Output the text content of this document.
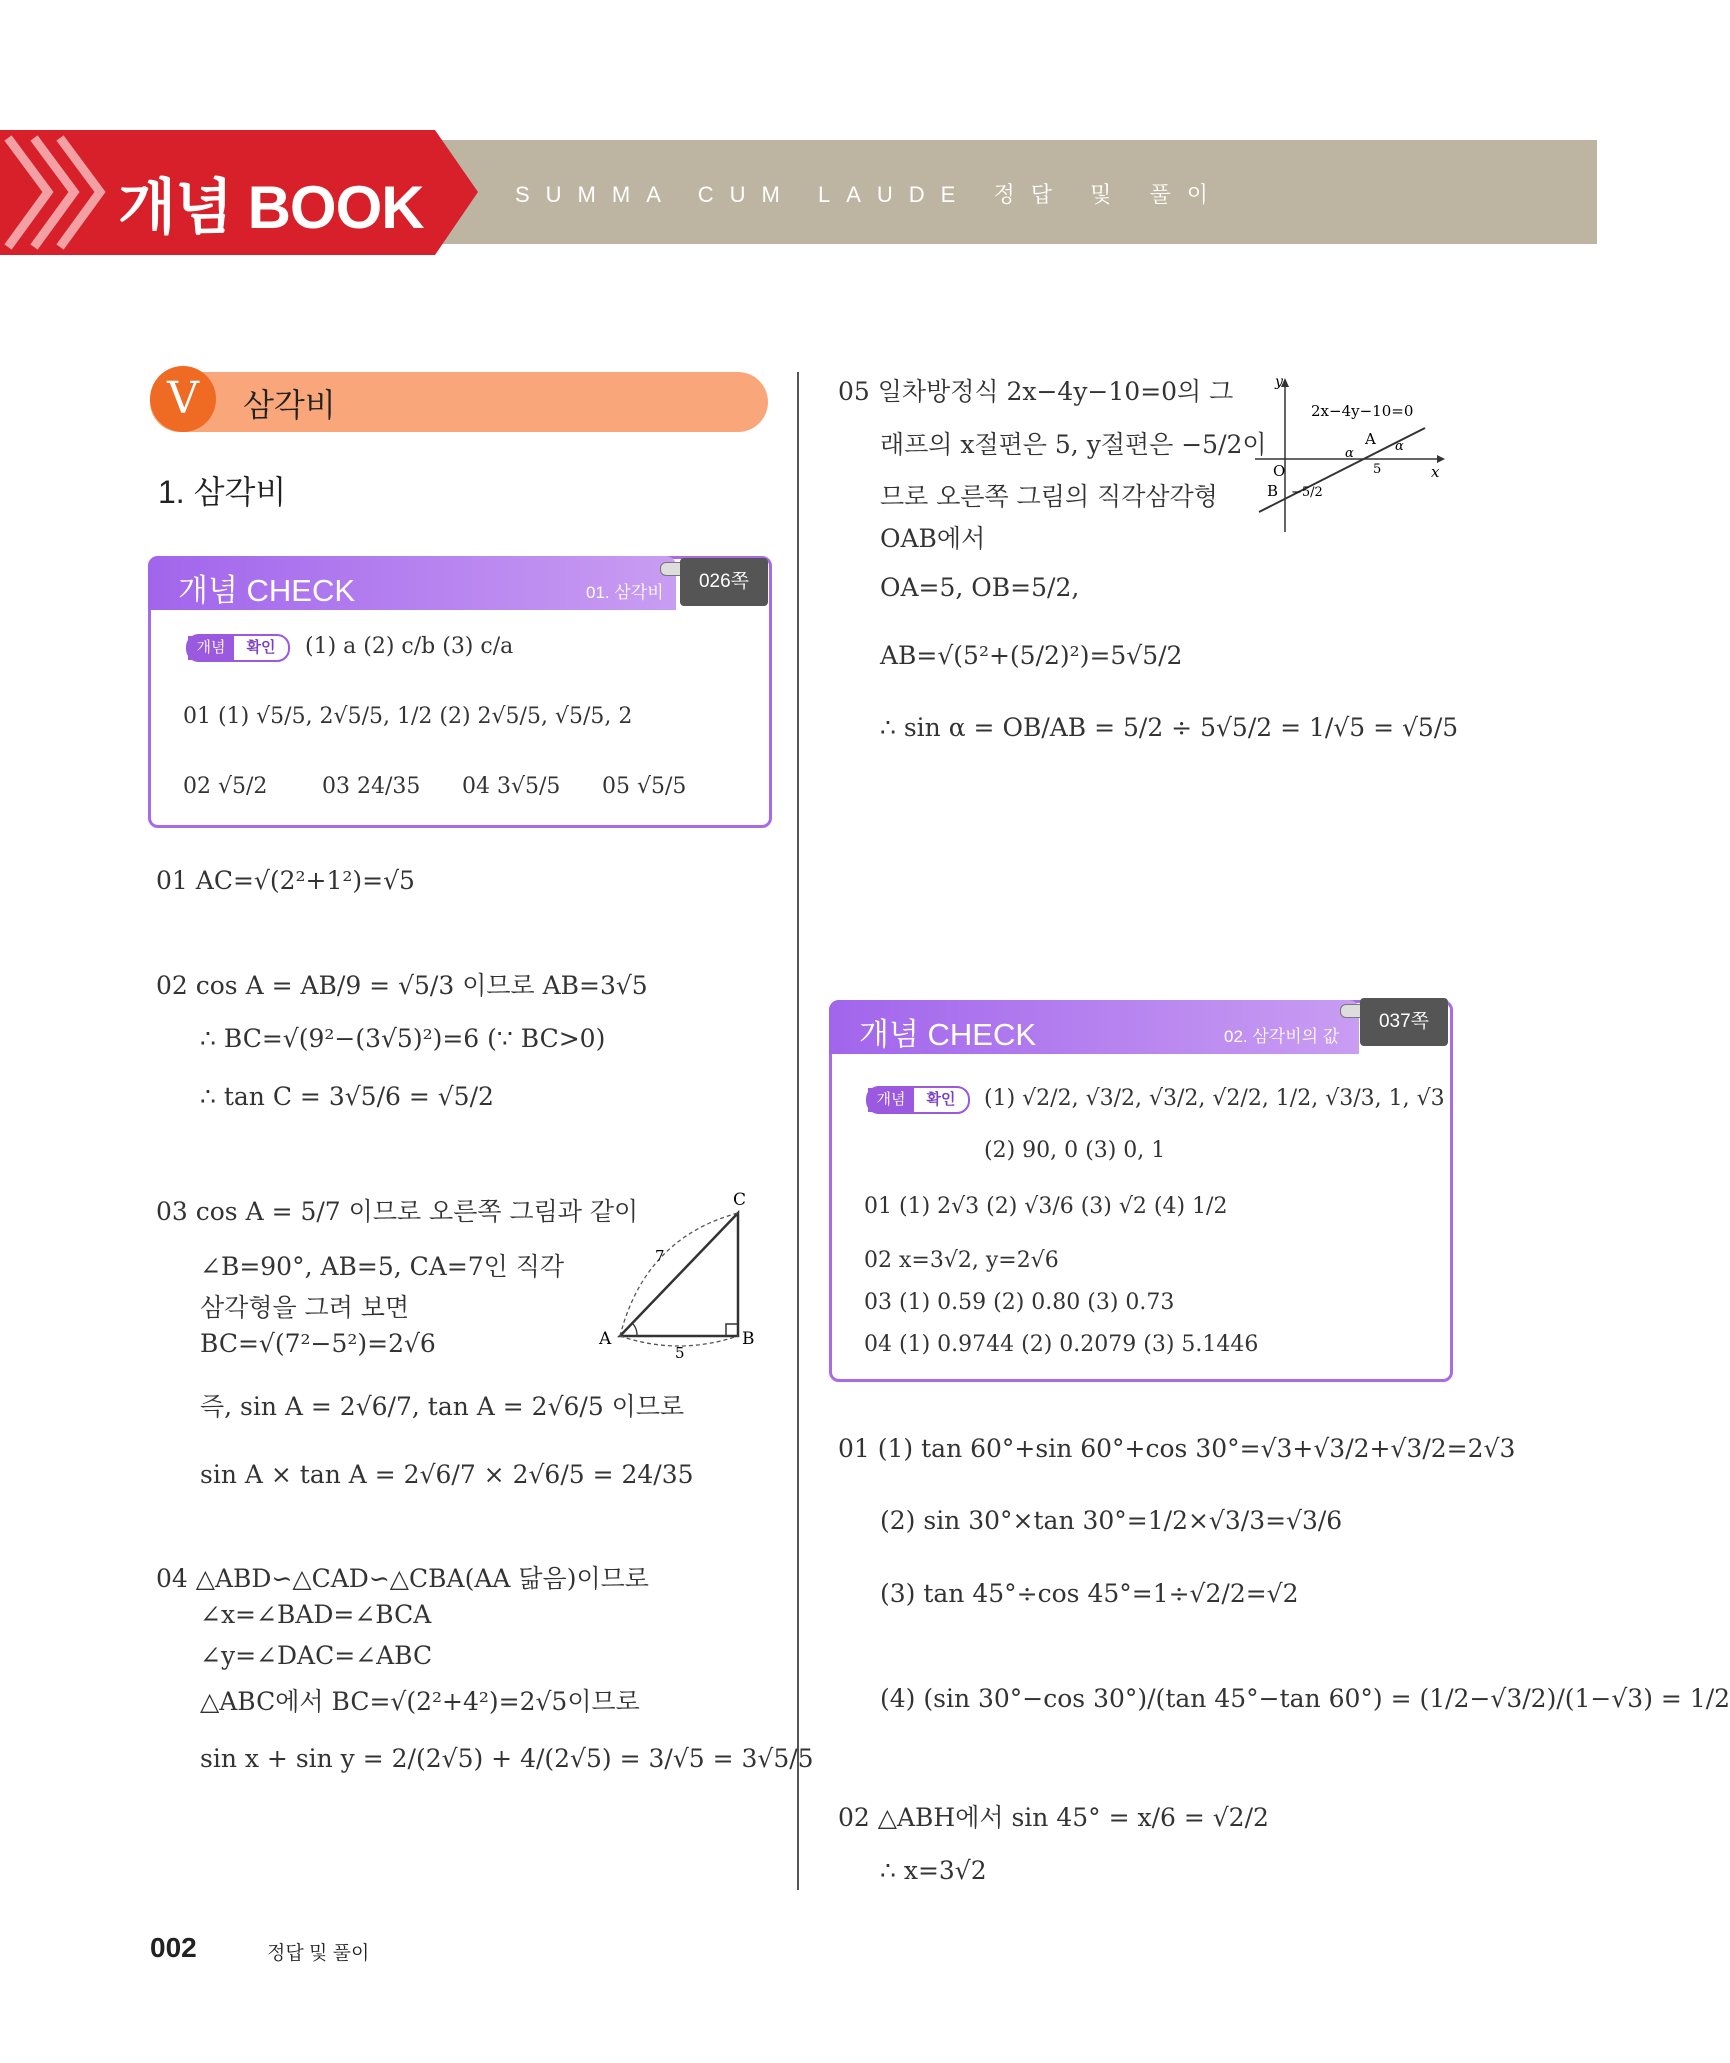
개념 BOOK	SUMMA CUM LAUDE 정답 및 풀이
V	삼각비
1. 삼각비
개념 CHECK	01. 삼각비
026쪽
개념	확인	(1) a (2) c/b (3) c/a
01 (1) √5/5, 2√5/5, 1/2 (2) 2√5/5, √5/5, 2
02 √5/2 03 24/35 04 3√5/5 05 √5/5
01 AC=√(2²+1²)=√5
02 cos A = AB/9 = √5/3 이므로 AB=3√5
∴ BC=√(9²−(3√5)²)=6 (∵ BC>0)
∴ tan C = 3√5/6 = √5/2
03 cos A = 5/7 이므로 오른쪽 그림과 같이
∠B=90°, AB=5, CA=7인 직각
삼각형을 그려 보면
BC=√(7²−5²)=2√6
즉, sin A = 2√6/7, tan A = 2√6/5 이므로
sin A × tan A = 2√6/7 × 2√6/5 = 24/35
A	B
C
5
7
04 △ABD∽△CAD∽△CBA(AA 닮음)이므로
∠x=∠BAD=∠BCA
∠y=∠DAC=∠ABC
△ABC에서 BC=√(2²+4²)=2√5이므로
sin x + sin y = 2/(2√5) + 4/(2√5) = 3/√5 = 3√5/5
05 일차방정식 2x−4y−10=0의 그
래프의 x절편은 5, y절편은 −5/2이
므로 오른쪽 그림의 직각삼각형
OAB에서
OA=5, OB=5/2,
AB=√(5²+(5/2)²)=5√5/2
∴ sin α = OB/AB = 5/2 ÷ 5√5/2 = 1/√5 = √5/5
y
x
O
2x−4y−10=0
A
B
α	α
5
−5/2
개념 CHECK	02. 삼각비의 값
037쪽
개념	확인	(1) √2/2, √3/2, √3/2, √2/2, 1/2, √3/3, 1, √3
(2) 90, 0 (3) 0, 1
01 (1) 2√3 (2) √3/6 (3) √2 (4) 1/2
02 x=3√2, y=2√6
03 (1) 0.59 (2) 0.80 (3) 0.73
04 (1) 0.9744 (2) 0.2079 (3) 5.1446
01 (1) tan 60°+sin 60°+cos 30°=√3+√3/2+√3/2=2√3
(2) sin 30°×tan 30°=1/2×√3/3=√3/6
(3) tan 45°÷cos 45°=1÷√2/2=√2
(4) (sin 30°−cos 30°)/(tan 45°−tan 60°) = (1/2−√3/2)/(1−√3) = 1/2
02 △ABH에서 sin 45° = x/6 = √2/2
∴ x=3√2
002	정답 및 풀이
